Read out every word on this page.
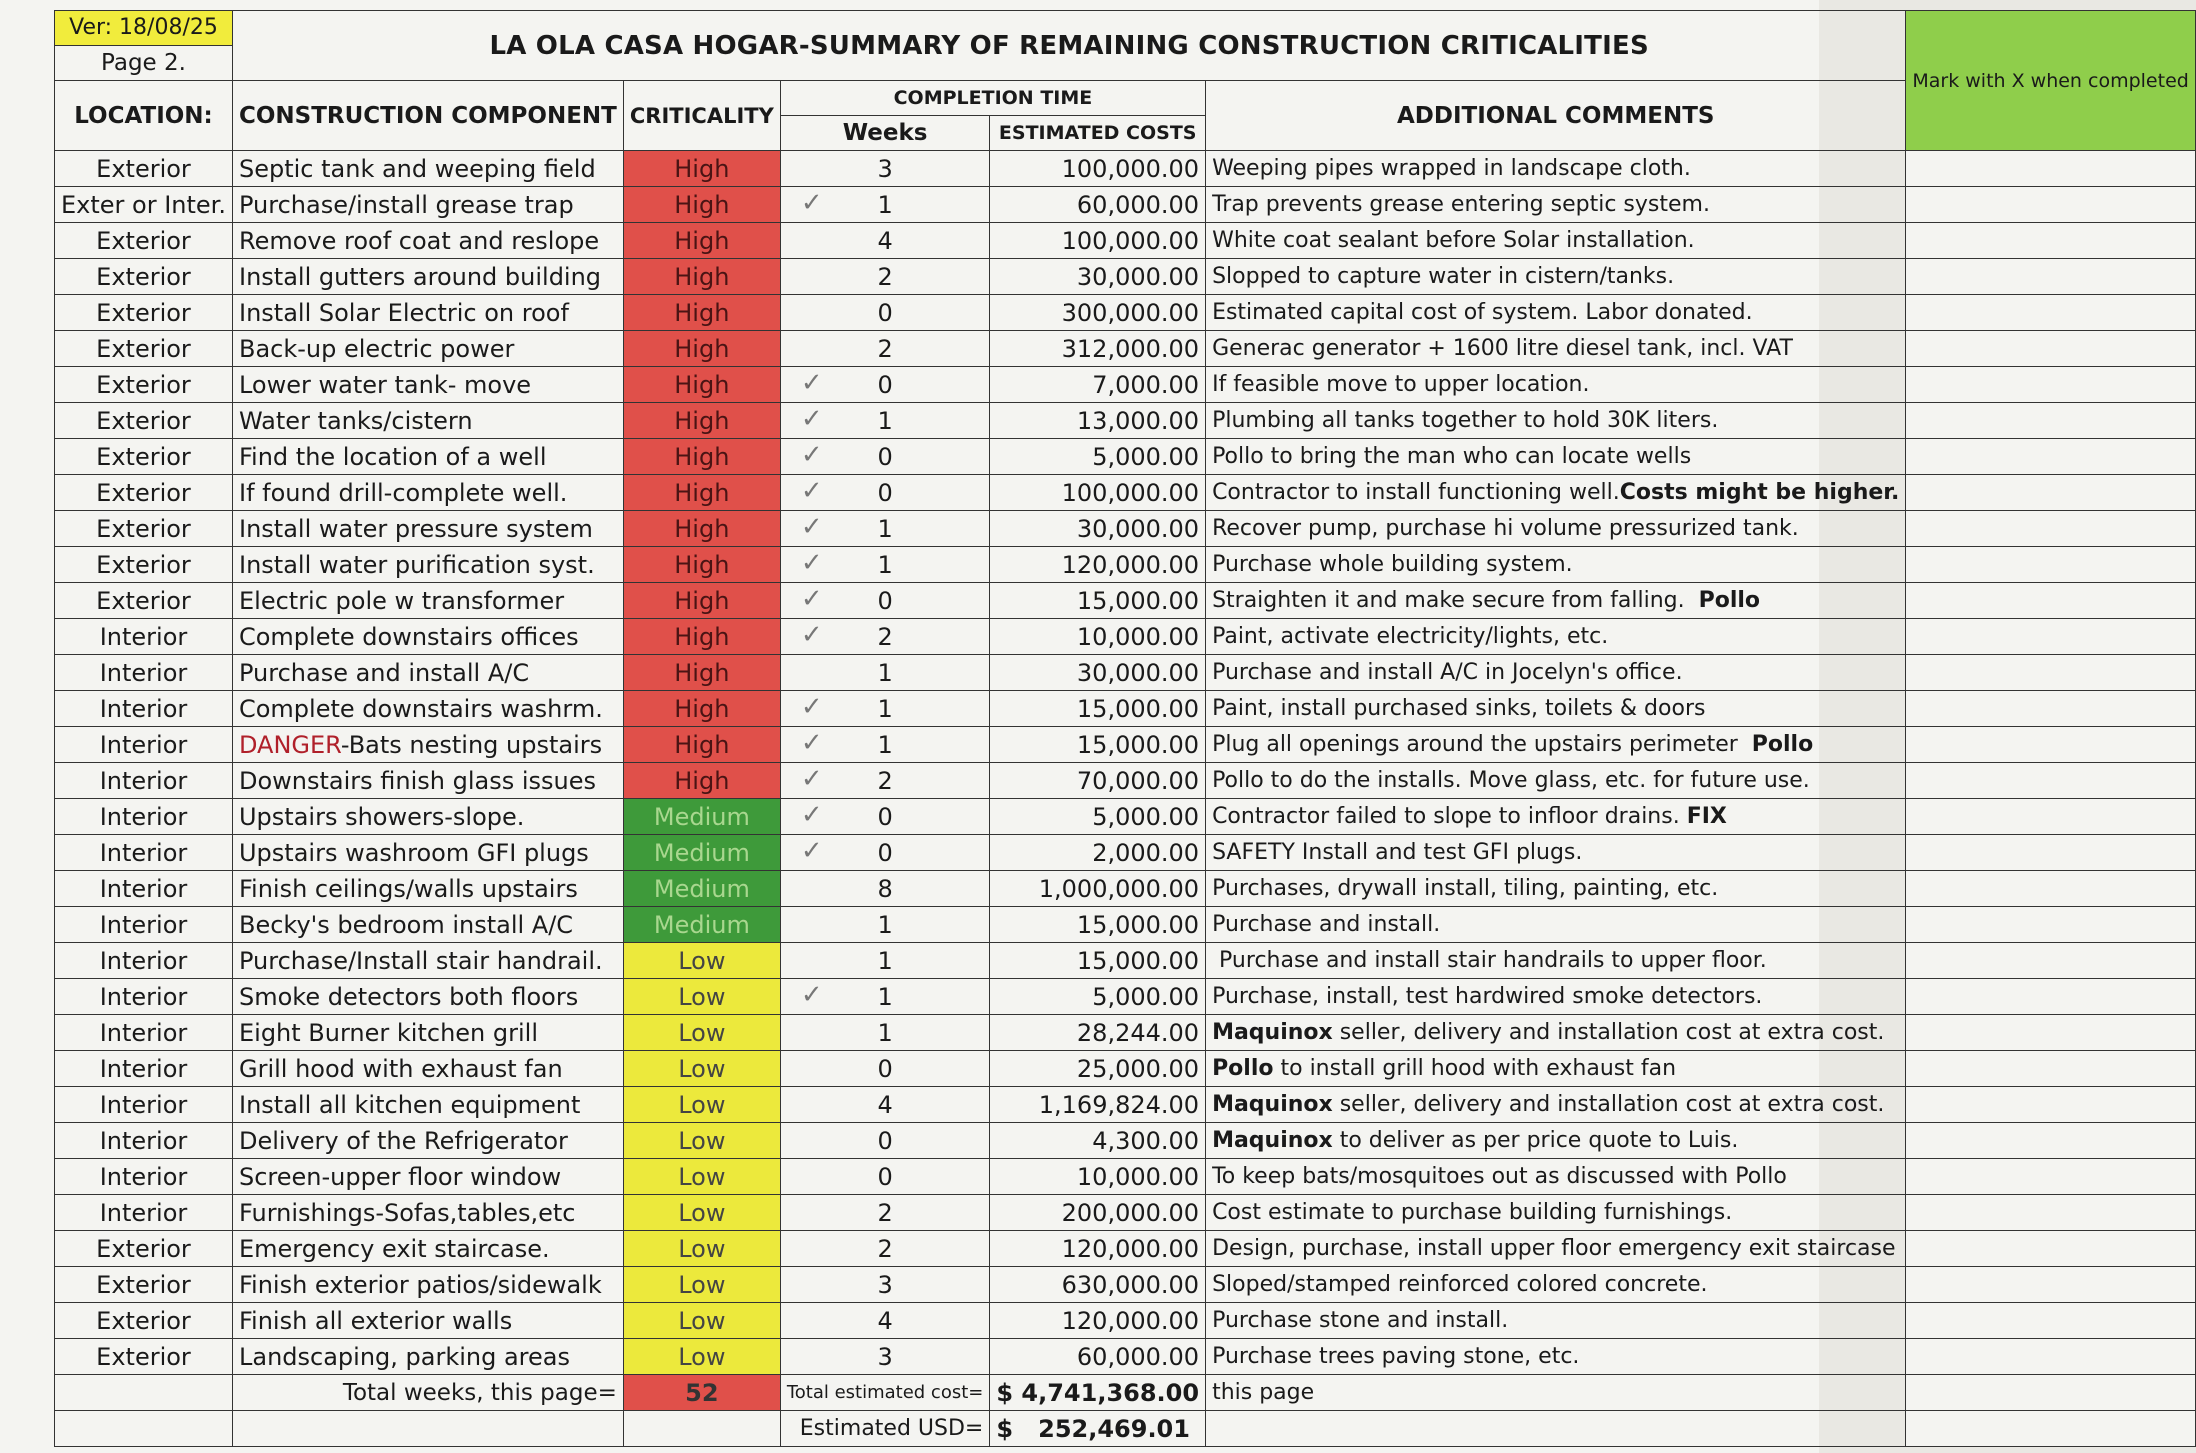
Ver: 18/08/25	LA OLA CASA HOGAR-SUMMARY OF REMAINING CONSTRUCTION CRITICALITIES					Mark with X when completed
Page 2.						
LOCATION:	CONSTRUCTION COMPONENT	CRITICALITY	COMPLETION TIME		ADDITIONAL COMMENTS	
			Weeks	ESTIMATED COSTS		
Exterior	Septic tank and weeping field	High	3	100,000.00	Weeping pipes wrapped in landscape cloth.	
Exter or Inter.	Purchase/install grease trap	High	✓ 1	60,000.00	Trap prevents grease entering septic system.	
Exterior	Remove roof coat and reslope	High	4	100,000.00	White coat sealant before Solar installation.	
Exterior	Install gutters around building	High	2	30,000.00	Slopped to capture water in cistern/tanks.	
Exterior	Install Solar Electric on roof	High	0	300,000.00	Estimated capital cost of system. Labor donated.	
Exterior	Back-up electric power	High	2	312,000.00	Generac generator + 1600 litre diesel tank, incl. VAT	
Exterior	Lower water tank- move	High	✓ 0	7,000.00	If feasible move to upper location.	
Exterior	Water tanks/cistern	High	✓ 1	13,000.00	Plumbing all tanks together to hold 30K liters.	
Exterior	Find the location of a well	High	✓ 0	5,000.00	Pollo to bring the man who can locate wells	
Exterior	If found drill-complete well.	High	✓ 0	100,000.00	Contractor to install functioning well.Costs might be higher.	
Exterior	Install water pressure system	High	✓ 1	30,000.00	Recover pump, purchase hi volume pressurized tank.	
Exterior	Install water purification syst.	High	✓ 1	120,000.00	Purchase whole building system.	
Exterior	Electric pole w transformer	High	✓ 0	15,000.00	Straighten it and make secure from falling.  Pollo	
Interior	Complete downstairs offices	High	✓ 2	10,000.00	Paint, activate electricity/lights, etc.	
Interior	Purchase and install A/C	High	1	30,000.00	Purchase and install A/C in Jocelyn's office.	
Interior	Complete downstairs washrm.	High	✓ 1	15,000.00	Paint, install purchased sinks, toilets & doors	
Interior	DANGER-Bats nesting upstairs	High	✓ 1	15,000.00	Plug all openings around the upstairs perimeter  Pollo	
Interior	Downstairs finish glass issues	High	✓ 2	70,000.00	Pollo to do the installs. Move glass, etc. for future use.	
Interior	Upstairs showers-slope.	Medium	✓ 0	5,000.00	Contractor failed to slope to infloor drains. FIX	
Interior	Upstairs washroom GFI plugs	Medium	✓ 0	2,000.00	SAFETY Install and test GFI plugs.	
Interior	Finish ceilings/walls upstairs	Medium	8	1,000,000.00	Purchases, drywall install, tiling, painting, etc.	
Interior	Becky's bedroom install A/C	Medium	1	15,000.00	Purchase and install.	
Interior	Purchase/Install stair handrail.	Low	1	15,000.00	Purchase and install stair handrails to upper floor.	
Interior	Smoke detectors both floors	Low	✓ 1	5,000.00	Purchase, install, test hardwired smoke detectors.	
Interior	Eight Burner kitchen grill	Low	1	28,244.00	Maquinox seller, delivery and installation cost at extra cost.	
Interior	Grill hood with exhaust fan	Low	0	25,000.00	Pollo to install grill hood with exhaust fan	
Interior	Install all kitchen equipment	Low	4	1,169,824.00	Maquinox seller, delivery and installation cost at extra cost.	
Interior	Delivery of the Refrigerator	Low	0	4,300.00	Maquinox to deliver as per price quote to Luis.	
Interior	Screen-upper floor window	Low	0	10,000.00	To keep bats/mosquitoes out as discussed with Pollo	
Interior	Furnishings-Sofas,tables,etc	Low	2	200,000.00	Cost estimate to purchase building furnishings.	
Exterior	Emergency exit staircase.	Low	2	120,000.00	Design, purchase, install upper floor emergency exit staircase	
Exterior	Finish exterior patios/sidewalk	Low	3	630,000.00	Sloped/stamped reinforced colored concrete.	
Exterior	Finish all exterior walls	Low	4	120,000.00	Purchase stone and install.	
Exterior	Landscaping, parking areas	Low	3	60,000.00	Purchase trees paving stone, etc.	
	Total weeks, this page=	52	Total estimated cost=	$ 4,741,368.00	this page	
			Estimated USD=	$   252,469.01		
